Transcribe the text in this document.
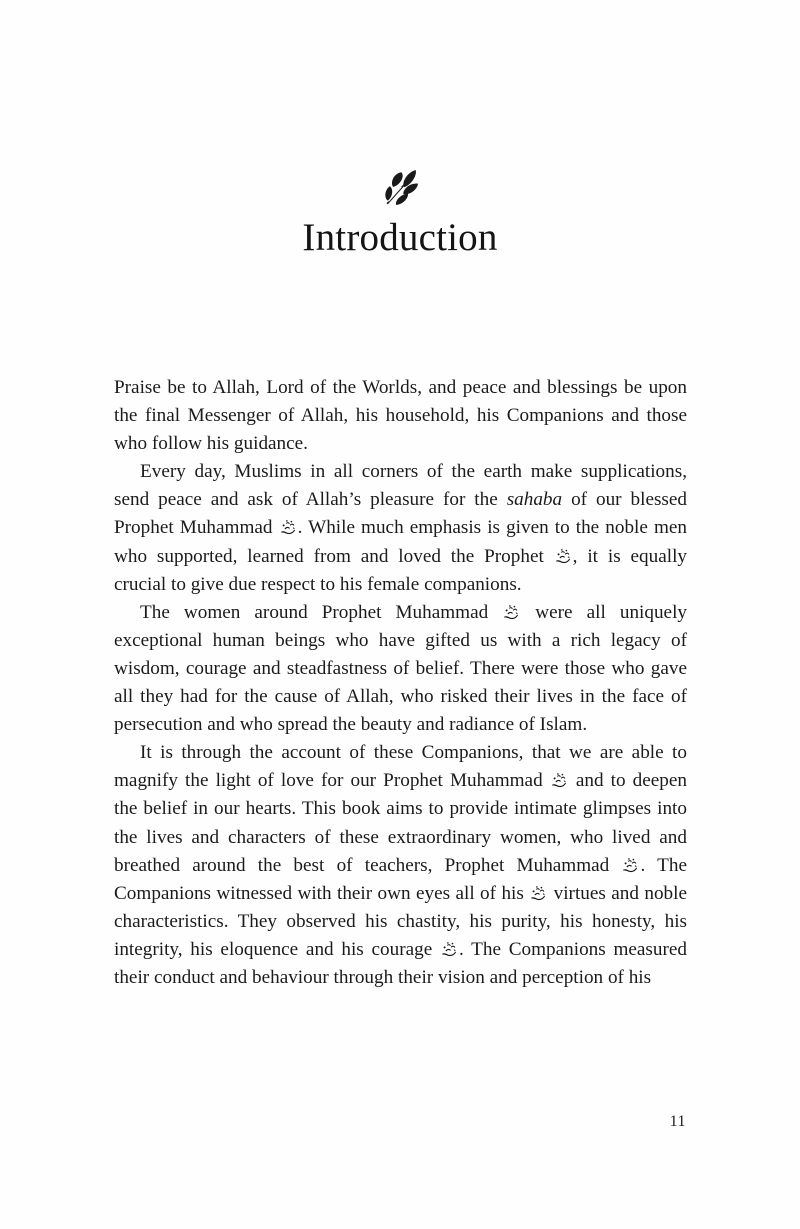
Introduction

Praise be to Allah, Lord of the Worlds, and peace and blessings be upon the final Messenger of Allah, his household, his Companions and those who follow his guidance.

Every day, Muslims in all corners of the earth make supplications, send peace and ask of Allah’s pleasure for the sahaba of our blessed Prophet Muhammad
. While much emphasis is given to the noble men who supported, learned from and loved the Prophet
, it is equally crucial to give due respect to his female companions.

The women around Prophet Muhammad
were all uniquely exceptional human beings who have gifted us with a rich legacy of wisdom, courage and steadfastness of belief. There were those who gave all they had for the cause of Allah, who risked their lives in the face of persecution and who spread the beauty and radiance of Islam.

It is through the account of these Companions, that we are able to magnify the light of love for our Prophet Muhammad
and to deepen the belief in our hearts. This book aims to provide intimate glimpses into the lives and characters of these extraordinary women, who lived and breathed around the best of teachers, Prophet Muhammad
. The Companions witnessed with their own eyes all of his
virtues and noble characteristics. They observed his chastity, his purity, his honesty, his integrity, his eloquence and his courage
. The Companions measured their conduct and behaviour through their vision and perception of his

11
